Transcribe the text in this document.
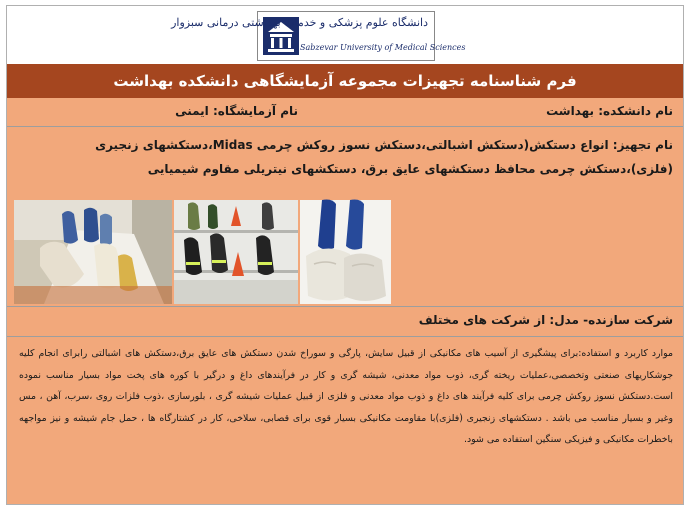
دانشگاه علوم پزشکی و خدمات بهداشتی درمانی سبزوار
Sabzevar University of Medical Sciences
فرم شناسنامه تجهیزات مجموعه آزمایشگاهی دانشکده بهداشت
نام دانشکده: بهداشت
نام آزمایشگاه: ایمنی
نام تجهیز: انواع دستکش(دستکش اشبالتی،دستکش نسوز روکش چرمی Midas،دستکشهای زنجیری (فلزی)،دستکش چرمی محافظ دستکشهای عایق برق، دستکشهای نیتریلی مقاوم شیمیایی
شرکت سازنده- مدل: از شرکت های مختلف
موارد کاربرد و استفاده:برای پیشگیری از آسیب های مکانیکی از قبیل سایش، پارگی و سوراخ شدن دستکش های عایق برق،دستکش های اشبالتی رابرای انجام کلیه جوشکاریهای صنعتی وتخصصی،عملیات ریخته گری، ذوب مواد معدنی، شیشه گری و کار در فرآیندهای داغ و درگیر با کوره های پخت مواد بسیار مناسب نموده است.دستکش نسوز روکش چرمی برای کلیه فرآیند های داغ و ذوب مواد معدنی و فلزی از قبیل عملیات شیشه گری ، بلورسازی ،ذوب فلزات روی ،سرب، آهن ، مس وغیر و بسیار مناسب می باشد . دستکشهای زنجیری (فلزی)با مقاومت مکانیکی بسیار قوی برای قصابی، سلاخی، کار در کشتارگاه ها ، حمل جام شیشه و نیز مواجهه باخطرات مکانیکی و فیزیکی سنگین استفاده می شود.
